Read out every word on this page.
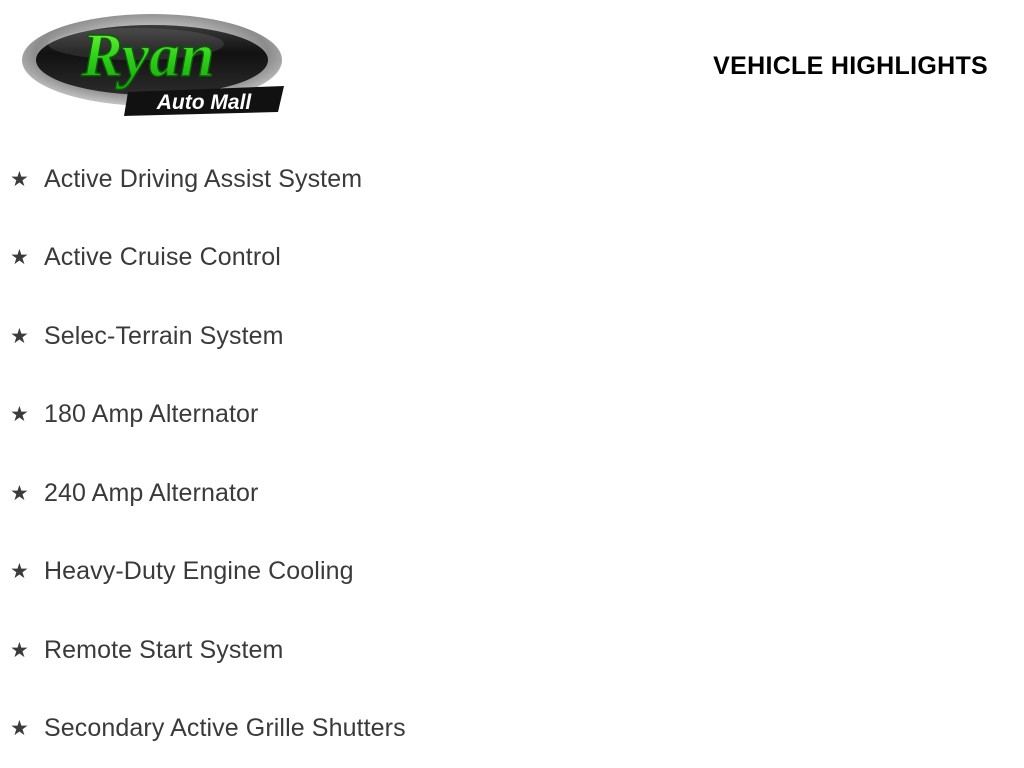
Ryan
Auto Mall
VEHICLE HIGHLIGHTS
★ Active Driving Assist System
★ Active Cruise Control
★ Selec-Terrain System
★ 180 Amp Alternator
★ 240 Amp Alternator
★ Heavy-Duty Engine Cooling
★ Remote Start System
★ Secondary Active Grille Shutters
